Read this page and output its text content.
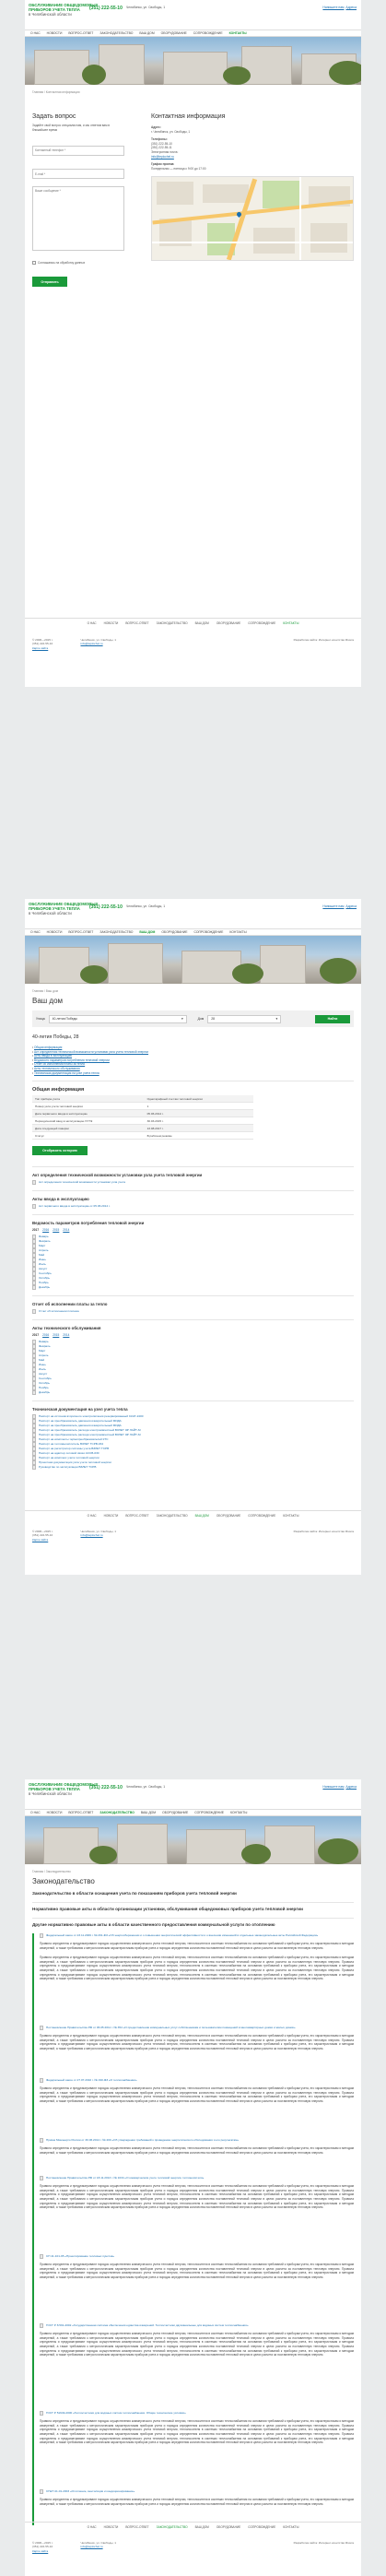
ОБСЛУЖИВАНИЕ ОБЩЕДОМОВЫХ
ПРИБОРОВ УЧЕТА ТЕПЛА
в Челябинской области
(351) 222-55-10 Челябинск, ул. Свободы, 1	Напишите нам Адреса
О НАС НОВОСТИ ВОПРОС-ОТВЕТ ЗАКОНОДАТЕЛЬСТВО ВАШ ДОМ ОБОРУДОВАНИЕ СОПРОВОЖДЕНИЕ КОНТАКТЫ
Главная / Контактная информация
Задать вопрос
Задайте свой вопрос специалистам, и мы ответим вам в ближайшее время
Контактный телефон * E-mail * Ваше сообщение *
Соглашаюсь на обработку данных
Отправить
Контактная информация
Адрес:
г. Челябинск, ул. Свободы, 1
Телефоны:
(351) 222-55-10
(351) 222-55-11
Электронная почта:
info@teplochel.ru
График приема:
Понедельник — пятница с 9:00 до 17:00
О НАС	НОВОСТИ	ВОПРОС-ОТВЕТ	ЗАКОНОДАТЕЛЬСТВО	ВАШ ДОМ	ОБОРУДОВАНИЕ	СОПРОВОЖДЕНИЕ	КОНТАКТЫ
© 2008—2015 г.
(351) 222-55-10
Карта сайта
Челябинск, ул. Свободы, 1
info@teplochel.ru
Разработка сайта: Интернет-агентство Rivera
ОБСЛУЖИВАНИЕ ОБЩЕДОМОВЫХ
ПРИБОРОВ УЧЕТА ТЕПЛА
в Челябинской области
(351) 222-55-10 Челябинск, ул. Свободы, 1	Напишите нам Адреса
О НАС НОВОСТИ ВОПРОС-ОТВЕТ ЗАКОНОДАТЕЛЬСТВО ВАШ ДОМ ОБОРУДОВАНИЕ СОПРОВОЖДЕНИЕ КОНТАКТЫ
Главная / Ваш дом
Ваш дом
Улица 40-летия Победы	▾	Дом 28	▾	Найти
40-летия Победы, 28
• Общая информация
• Акт определения технической возможности установки узла учета тепловой энергии
• Акты ввода в эксплуатацию
• Ведомости параметров потребления тепловой энергии
• Отчет об исполнении платы за тепло
• Акты технического обслуживания
• Техническая документация на узел учета тепла
Общая информация
Тип прибора учёта	Однотарифный счетчик тепловой энергии
Номер узла учета тепловой энергии	1
Дата первичного ввода в эксплуатацию	05.06.2014 г.
Периодический ввод в эксплуатацию УУТЭ	30.03.2015 г.
Дата следующей поверки	13.08.2017 г.
Статус	В рабочем режиме
Отобразить историю
Акт определения технической возможности установки узла учета тепловой энергии
Акт определения технической возможности установки узла учета
Акты ввода в эксплуатацию
Акт первичного ввода в эксплуатацию от 05.06.2014 г.
Ведомость параметров потребления тепловой энергии
2017 2016 2015 2014
Январь
Февраль
Март
Апрель
Май
Июнь
Июль
Август
Сентябрь
Октябрь
Ноябрь
Декабрь
Отчет об исполнении платы за тепло
Отчет об исполнении платежа
Акты технического обслуживания
2017 2016 2015 2014
Январь
Февраль
Март
Апрель
Май
Июнь
Июль
Август
Сентябрь
Октябрь
Ноябрь
Декабрь
Техническая документация на узел учета тепла
Паспорт на источник вторичного электропитания резервированный СКАТ-2400
Паспорт на преобразователь давления измерительный МИДА
Паспорт на преобразователь давления измерительный МИДА
Паспорт на преобразователь расхода электромагнитный ВЗЛЕТ ЭР ЛАЙТ-М
Паспорт на преобразователь расхода электромагнитный ВЗЛЕТ ЭР ЛАЙТ-М
Паспорт на комплекты термопреобразователей КТС
Паспорт на тепловычислитель ВЗЛЕТ ТСРВ-034
Паспорт на регистратор системы учета ВЗЛЕТ ТСРВ
Паспорт на адаптер сотовой связи АССВ-030
Паспорт на комплекс учета тепловой энергии
Проектная документация узла учета тепловой энергии
Руководство по эксплуатации ВЗЛЕТ ТСРВ
О НАС	НОВОСТИ	ВОПРОС-ОТВЕТ	ЗАКОНОДАТЕЛЬСТВО	ВАШ ДОМ	ОБОРУДОВАНИЕ	СОПРОВОЖДЕНИЕ	КОНТАКТЫ
© 2008—2015 г.
(351) 222-55-10
Карта сайта
Челябинск, ул. Свободы, 1
info@teplochel.ru
Разработка сайта: Интернет-агентство Rivera
ОБСЛУЖИВАНИЕ ОБЩЕДОМОВЫХ
ПРИБОРОВ УЧЕТА ТЕПЛА
в Челябинской области
(351) 222-55-10 Челябинск, ул. Свободы, 1	Напишите нам Адреса
О НАС НОВОСТИ ВОПРОС-ОТВЕТ ЗАКОНОДАТЕЛЬСТВО ВАШ ДОМ ОБОРУДОВАНИЕ СОПРОВОЖДЕНИЕ КОНТАКТЫ
Главная / Законодательство
Законодательство
Законодательство в области оснащения учета по показаниям приборов учета тепловой энергии
Нормативно правовые акты в области организации установки, обслуживания общедомовых приборов учета тепловой энергии
Другие нормативно правовые акты в области качественного предоставления коммунальной услуги по отоплению
Федеральный закон от 23.11.2009 г. № 261-ФЗ «Об энергосбережении и о повышении энергетической эффективности и о внесении изменений в отдельные законодательные акты Российской Федерации»
Правила определены и предусматривают порядок осуществления коммерческого учета тепловой энергии, теплоносителя в системах теплоснабжения на основании требований к приборам учета, его характеристикам и методам измерений, а также требования к метрологическим характеристикам приборов учета и порядок определения количества поставленной тепловой энергии в целях расчета за поставленную тепловую энергию.
Правила определены и предусматривают порядок осуществления коммерческого учета тепловой энергии, теплоносителя в системах теплоснабжения на основании требований к приборам учета, его характеристикам и методам измерений, а также требования к метрологическим характеристикам приборов учета и порядок определения количества поставленной тепловой энергии в целях расчета за поставленную тепловую энергию. Правила определены и предусматривают порядок осуществления коммерческого учета тепловой энергии, теплоносителя в системах теплоснабжения на основании требований к приборам учета, его характеристикам и методам измерений, а также требования к метрологическим характеристикам приборов учета и порядок определения количества поставленной тепловой энергии в целях расчета за поставленную тепловую энергию. Правила определены и предусматривают порядок осуществления коммерческого учета тепловой энергии, теплоносителя в системах теплоснабжения на основании требований к приборам учета, его характеристикам и методам измерений, а также требования к метрологическим характеристикам приборов учета и порядок определения количества поставленной тепловой энергии в целях расчета за поставленную тепловую энергию.
Постановление Правительства РФ от 06.05.2011 г. № 354 «О предоставлении коммунальных услуг собственникам и пользователям помещений в многоквартирных домах и жилых домов»
Правила определены и предусматривают порядок осуществления коммерческого учета тепловой энергии, теплоносителя в системах теплоснабжения на основании требований к приборам учета, его характеристикам и методам измерений, а также требования к метрологическим характеристикам приборов учета и порядок определения количества поставленной тепловой энергии в целях расчета за поставленную тепловую энергию. Правила определены и предусматривают порядок осуществления коммерческого учета тепловой энергии, теплоносителя в системах теплоснабжения на основании требований к приборам учета, его характеристикам и методам измерений, а также требования к метрологическим характеристикам приборов учета и порядок определения количества поставленной тепловой энергии в целях расчета за поставленную тепловую энергию.
Федеральный закон от 27.07.2010 г. № 190-ФЗ «О теплоснабжении»
Правила определены и предусматривают порядок осуществления коммерческого учета тепловой энергии, теплоносителя в системах теплоснабжения на основании требований к приборам учета, его характеристикам и методам измерений, а также требования к метрологическим характеристикам приборов учета и порядок определения количества поставленной тепловой энергии в целях расчета за поставленную тепловую энергию. Правила определены и предусматривают порядок осуществления коммерческого учета тепловой энергии, теплоносителя в системах теплоснабжения на основании требований к приборам учета, его характеристикам и методам измерений, а также требования к метрологическим характеристикам приборов учета и порядок определения количества поставленной тепловой энергии в целях расчета за поставленную тепловую энергию.
Приказ Минэнерго России от 30.06.2014 г. № 400 «Об утверждении требований к проведению энергетического обследования и его результатам»
Правила определены и предусматривают порядок осуществления коммерческого учета тепловой энергии, теплоносителя в системах теплоснабжения на основании требований к приборам учета, его характеристикам и методам измерений, а также требования к метрологическим характеристикам приборов учета и порядок определения количества поставленной тепловой энергии в целях расчета за поставленную тепловую энергию.
Постановление Правительства РФ от 18.11.2013 г. № 1034 «О коммерческом учете тепловой энергии, теплоносителя»
Правила определены и предусматривают порядок осуществления коммерческого учета тепловой энергии, теплоносителя в системах теплоснабжения на основании требований к приборам учета, его характеристикам и методам измерений, а также требования к метрологическим характеристикам приборов учета и порядок определения количества поставленной тепловой энергии в целях расчета за поставленную тепловую энергию. Правила определены и предусматривают порядок осуществления коммерческого учета тепловой энергии, теплоносителя в системах теплоснабжения на основании требований к приборам учета, его характеристикам и методам измерений, а также требования к метрологическим характеристикам приборов учета и порядок определения количества поставленной тепловой энергии в целях расчета за поставленную тепловую энергию. Правила определены и предусматривают порядок осуществления коммерческого учета тепловой энергии, теплоносителя в системах теплоснабжения на основании требований к приборам учета, его характеристикам и методам измерений, а также требования к метрологическим характеристикам приборов учета и порядок определения количества поставленной тепловой энергии в целях расчета за поставленную тепловую энергию.
СП 41-101-95 «Проектирование тепловых пунктов»
Правила определены и предусматривают порядок осуществления коммерческого учета тепловой энергии, теплоносителя в системах теплоснабжения на основании требований к приборам учета, его характеристикам и методам измерений, а также требования к метрологическим характеристикам приборов учета и порядок определения количества поставленной тепловой энергии в целях расчета за поставленную тепловую энергию. Правила определены и предусматривают порядок осуществления коммерческого учета тепловой энергии, теплоносителя в системах теплоснабжения на основании требований к приборам учета, его характеристикам и методам измерений, а также требования к метрологическим характеристикам приборов учета и порядок определения количества поставленной тепловой энергии в целях расчета за поставленную тепловую энергию.
ГОСТ Р 8.591-2002 «Государственная система обеспечения единства измерений. Теплосчетчики двухканальные для водяных систем теплоснабжения»
Правила определены и предусматривают порядок осуществления коммерческого учета тепловой энергии, теплоносителя в системах теплоснабжения на основании требований к приборам учета, его характеристикам и методам измерений, а также требования к метрологическим характеристикам приборов учета и порядок определения количества поставленной тепловой энергии в целях расчета за поставленную тепловую энергию. Правила определены и предусматривают порядок осуществления коммерческого учета тепловой энергии, теплоносителя в системах теплоснабжения на основании требований к приборам учета, его характеристикам и методам измерений, а также требования к метрологическим характеристикам приборов учета и порядок определения количества поставленной тепловой энергии в целях расчета за поставленную тепловую энергию. Правила определены и предусматривают порядок осуществления коммерческого учета тепловой энергии, теплоносителя в системах теплоснабжения на основании требований к приборам учета, его характеристикам и методам измерений, а также требования к метрологическим характеристикам приборов учета и порядок определения количества поставленной тепловой энергии в целях расчета за поставленную тепловую энергию.
ГОСТ Р 51649-2000 «Теплосчетчики для водяных систем теплоснабжения. Общие технические условия»
Правила определены и предусматривают порядок осуществления коммерческого учета тепловой энергии, теплоносителя в системах теплоснабжения на основании требований к приборам учета, его характеристикам и методам измерений, а также требования к метрологическим характеристикам приборов учета и порядок определения количества поставленной тепловой энергии в целях расчета за поставленную тепловую энергию. Правила определены и предусматривают порядок осуществления коммерческого учета тепловой энергии, теплоносителя в системах теплоснабжения на основании требований к приборам учета, его характеристикам и методам измерений, а также требования к метрологическим характеристикам приборов учета и порядок определения количества поставленной тепловой энергии в целях расчета за поставленную тепловую энергию. Правила определены и предусматривают порядок осуществления коммерческого учета тепловой энергии, теплоносителя в системах теплоснабжения на основании требований к приборам учета, его характеристикам и методам измерений, а также требования к метрологическим характеристикам приборов учета и порядок определения количества поставленной тепловой энергии в целях расчета за поставленную тепловую энергию.
СНиП 41-01-2003 «Отопление, вентиляция и кондиционирование»
Правила определены и предусматривают порядок осуществления коммерческого учета тепловой энергии, теплоносителя в системах теплоснабжения на основании требований к приборам учета, его характеристикам и методам измерений, а также требования к метрологическим характеристикам приборов учета и порядок определения количества поставленной тепловой энергии в целях расчета за поставленную тепловую энергию.
О НАС	НОВОСТИ	ВОПРОС-ОТВЕТ	ЗАКОНОДАТЕЛЬСТВО	ВАШ ДОМ	ОБОРУДОВАНИЕ	СОПРОВОЖДЕНИЕ	КОНТАКТЫ
© 2008—2015 г.
(351) 222-55-10
Карта сайта
Челябинск, ул. Свободы, 1
info@teplochel.ru
Разработка сайта: Интернет-агентство Rivera
